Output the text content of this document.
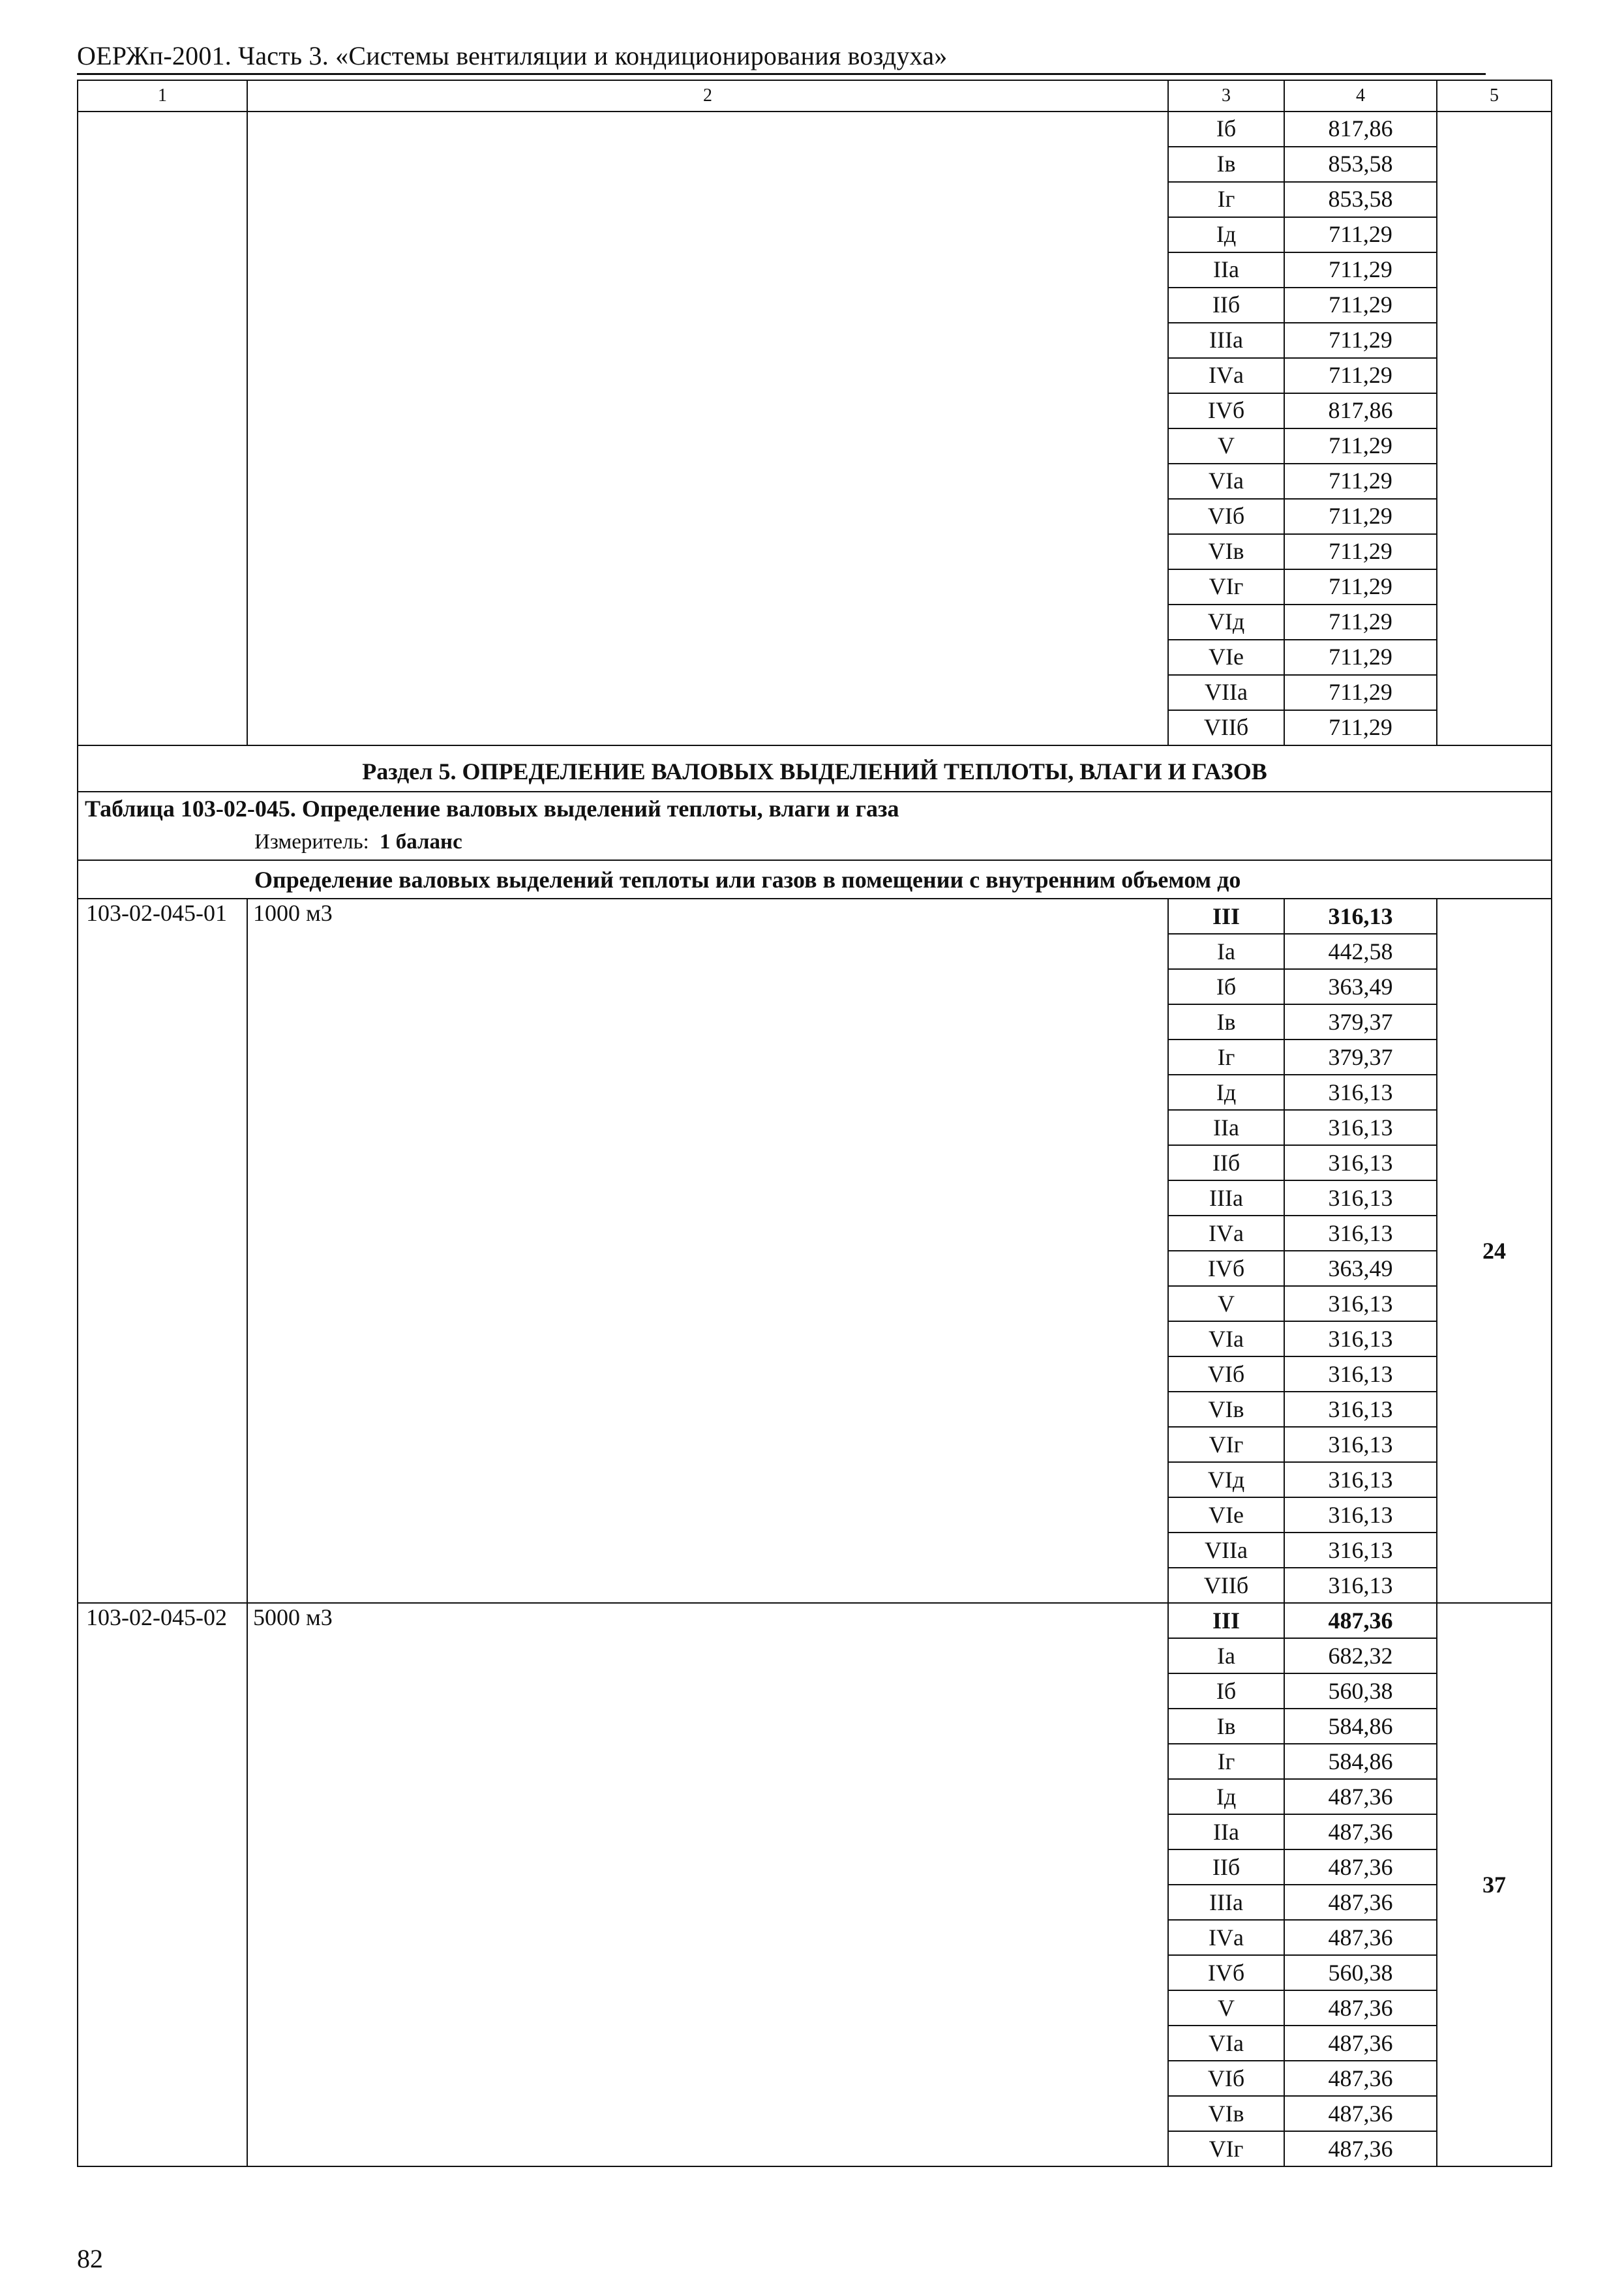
ОЕРЖп-2001. Часть 3. «Системы вентиляции и кондиционирования воздуха»
1	2	3	4	5
		Iб	817,86	
		Iв	853,58	
		Iг	853,58	
		Iд	711,29	
		IIа	711,29	
		IIб	711,29	
		IIIа	711,29	
		IVа	711,29	
		IVб	817,86	
		V	711,29	
		VIа	711,29	
		VIб	711,29	
		VIв	711,29	
		VIг	711,29	
		VIд	711,29	
		VIе	711,29	
		VIIа	711,29	
		VIIб	711,29	
Раздел 5. ОПРЕДЕЛЕНИЕ ВАЛОВЫХ ВЫДЕЛЕНИЙ ТЕПЛОТЫ, ВЛАГИ И ГАЗОВ				

Таблица 103-02-045. Определение валовых выделений теплоты, влаги и газа
Измеритель: 1 баланс				

Определение валовых выделений теплоты или газов в помещении с внутренним объемом до				
103-02-045-01	1000 м3	III	316,13	24
		Iа	442,58	
		Iб	363,49	
		Iв	379,37	
		Iг	379,37	
		Iд	316,13	
		IIа	316,13	
		IIб	316,13	
		IIIа	316,13	
		IVа	316,13	
		IVб	363,49	
		V	316,13	
		VIа	316,13	
		VIб	316,13	
		VIв	316,13	
		VIг	316,13	
		VIд	316,13	
		VIе	316,13	
		VIIа	316,13	
		VIIб	316,13	
103-02-045-02	5000 м3	III	487,36	37
		Iа	682,32	
		Iб	560,38	
		Iв	584,86	
		Iг	584,86	
		Iд	487,36	
		IIа	487,36	
		IIб	487,36	
		IIIа	487,36	
		IVа	487,36	
		IVб	560,38	
		V	487,36	
		VIа	487,36	
		VIб	487,36	
		VIв	487,36	
		VIг	487,36	
82
